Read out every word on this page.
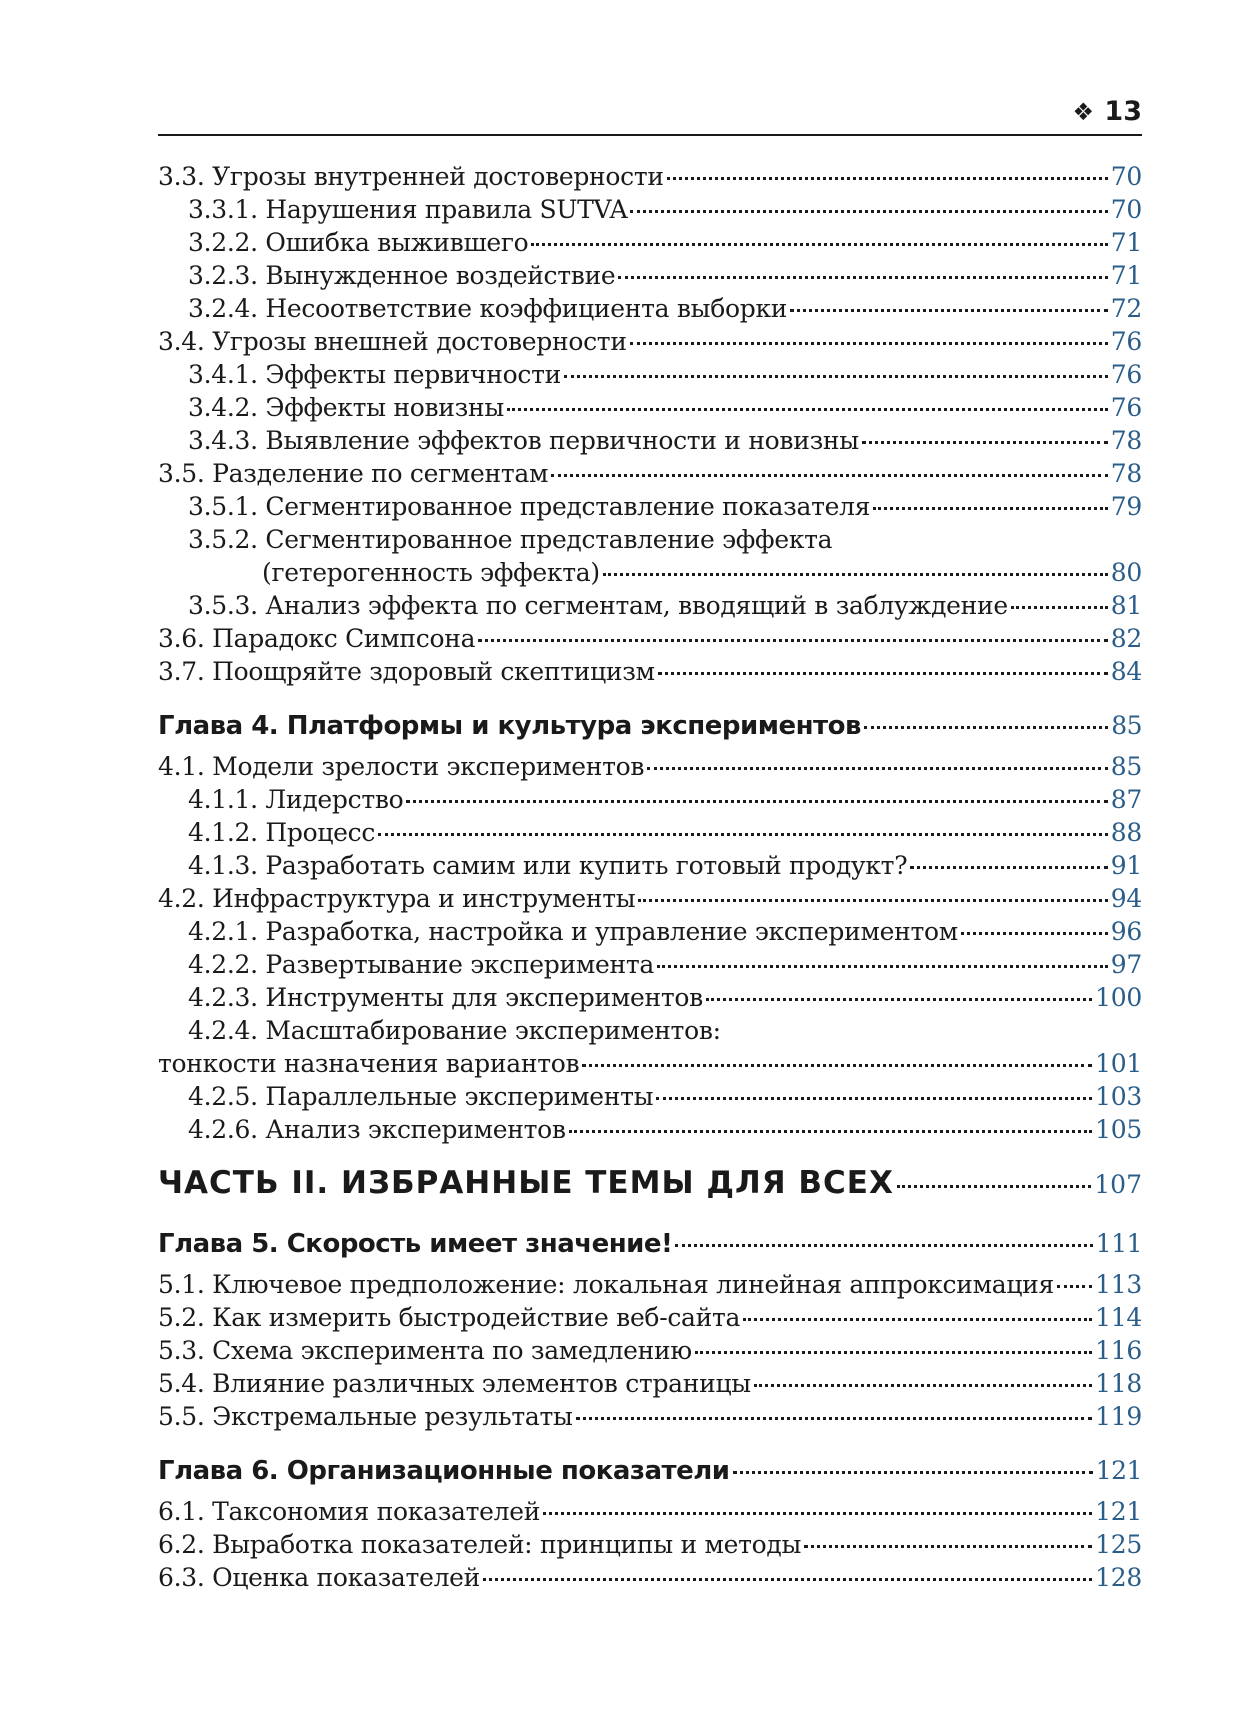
❖ 13
3.3. Угрозы внутренней достоверности	70
3.3.1. Нарушения правила SUTVA	70
3.2.2. Ошибка выжившего	71
3.2.3. Вынужденное воздействие	71
3.2.4. Несоответствие коэффициента выборки	72
3.4. Угрозы внешней достоверности	76
3.4.1. Эффекты первичности	76
3.4.2. Эффекты новизны	76
3.4.3. Выявление эффектов первичности и новизны	78
3.5. Разделение по сегментам	78
3.5.1. Сегментированное представление показателя	79
3.5.2. Сегментированное представление эффекта
(гетерогенность эффекта)	80
3.5.3. Анализ эффекта по сегментам, вводящий в заблуждение	81
3.6. Парадокс Симпсона	82
3.7. Поощряйте здоровый скептицизм	84
Глава 4. Платформы и культура экспериментов	85
4.1. Модели зрелости экспериментов	85
4.1.1. Лидерство	87
4.1.2. Процесс	88
4.1.3. Разработать самим или купить готовый продукт?	91
4.2. Инфраструктура и инструменты	94
4.2.1. Разработка, настройка и управление экспериментом	96
4.2.2. Развертывание эксперимента	97
4.2.3. Инструменты для экспериментов	100
4.2.4. Масштабирование экспериментов:
тонкости назначения вариантов	101
4.2.5. Параллельные эксперименты	103
4.2.6. Анализ экспериментов	105
ЧАСТЬ II. ИЗБРАННЫЕ ТЕМЫ ДЛЯ ВСЕХ	107
Глава 5. Скорость имеет значение!	111
5.1. Ключевое предположение: локальная линейная аппроксимация 113
5.2. Как измерить быстродействие веб-сайта	114
5.3. Схема эксперимента по замедлению	116
5.4. Влияние различных элементов страницы	118
5.5. Экстремальные результаты	119
Глава 6. Организационные показатели	121
6.1. Таксономия показателей	121
6.2. Выработка показателей: принципы и методы	125
6.3. Оценка показателей	128
